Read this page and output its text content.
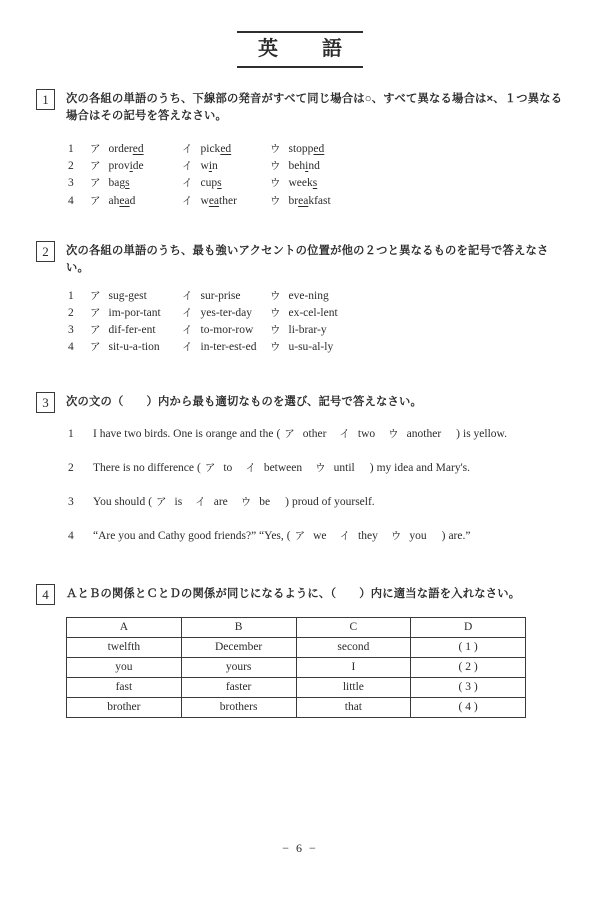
英語
1	次の各組の単語のうち、下線部の発音がすべて同じ場合は○、すべて異なる場合は×、１つ異なる場合はその記号を答えなさい。
1	ア ordered	イ picked	ウ stopped
2	ア provide	イ win	ウ behind
3	ア bags	イ cups	ウ weeks
4	ア ahead	イ weather	ウ breakfast
2	次の各組の単語のうち、最も強いアクセントの位置が他の２つと異なるものを記号で答えなさい。
1	ア sug-gest	イ sur-prise	ウ eve-ning
2	ア im-por-tant イ yes-ter-day ウ ex-cel-lent
3	ア dif-fer-ent	イ to-mor-row ウ li-brar-y
4	ア sit-u-a-tion イ in-ter-est-ed ウ u-su-al-ly
3	次の文の（　　）内から最も適切なものを選び、記号で答えなさい。
1	I have two birds. One is orange and the ( ア other イ two ウ another ) is yellow.
2	There is no difference ( ア to イ between ウ until ) my idea and Mary's.
3	You should ( ア is イ are ウ be ) proud of yourself.
4	“Are you and Cathy good friends?” “Yes, ( ア we イ they ウ you ) are.”
4	ＡとＢの関係とＣとＤの関係が同じになるように、（　　）内に適当な語を入れなさい。
A	B	C	D
twelfth	December	second	( 1 )
you	yours	I	( 2 )
fast	faster	little	( 3 )
brother	brothers	that	( 4 )
− 6 −
